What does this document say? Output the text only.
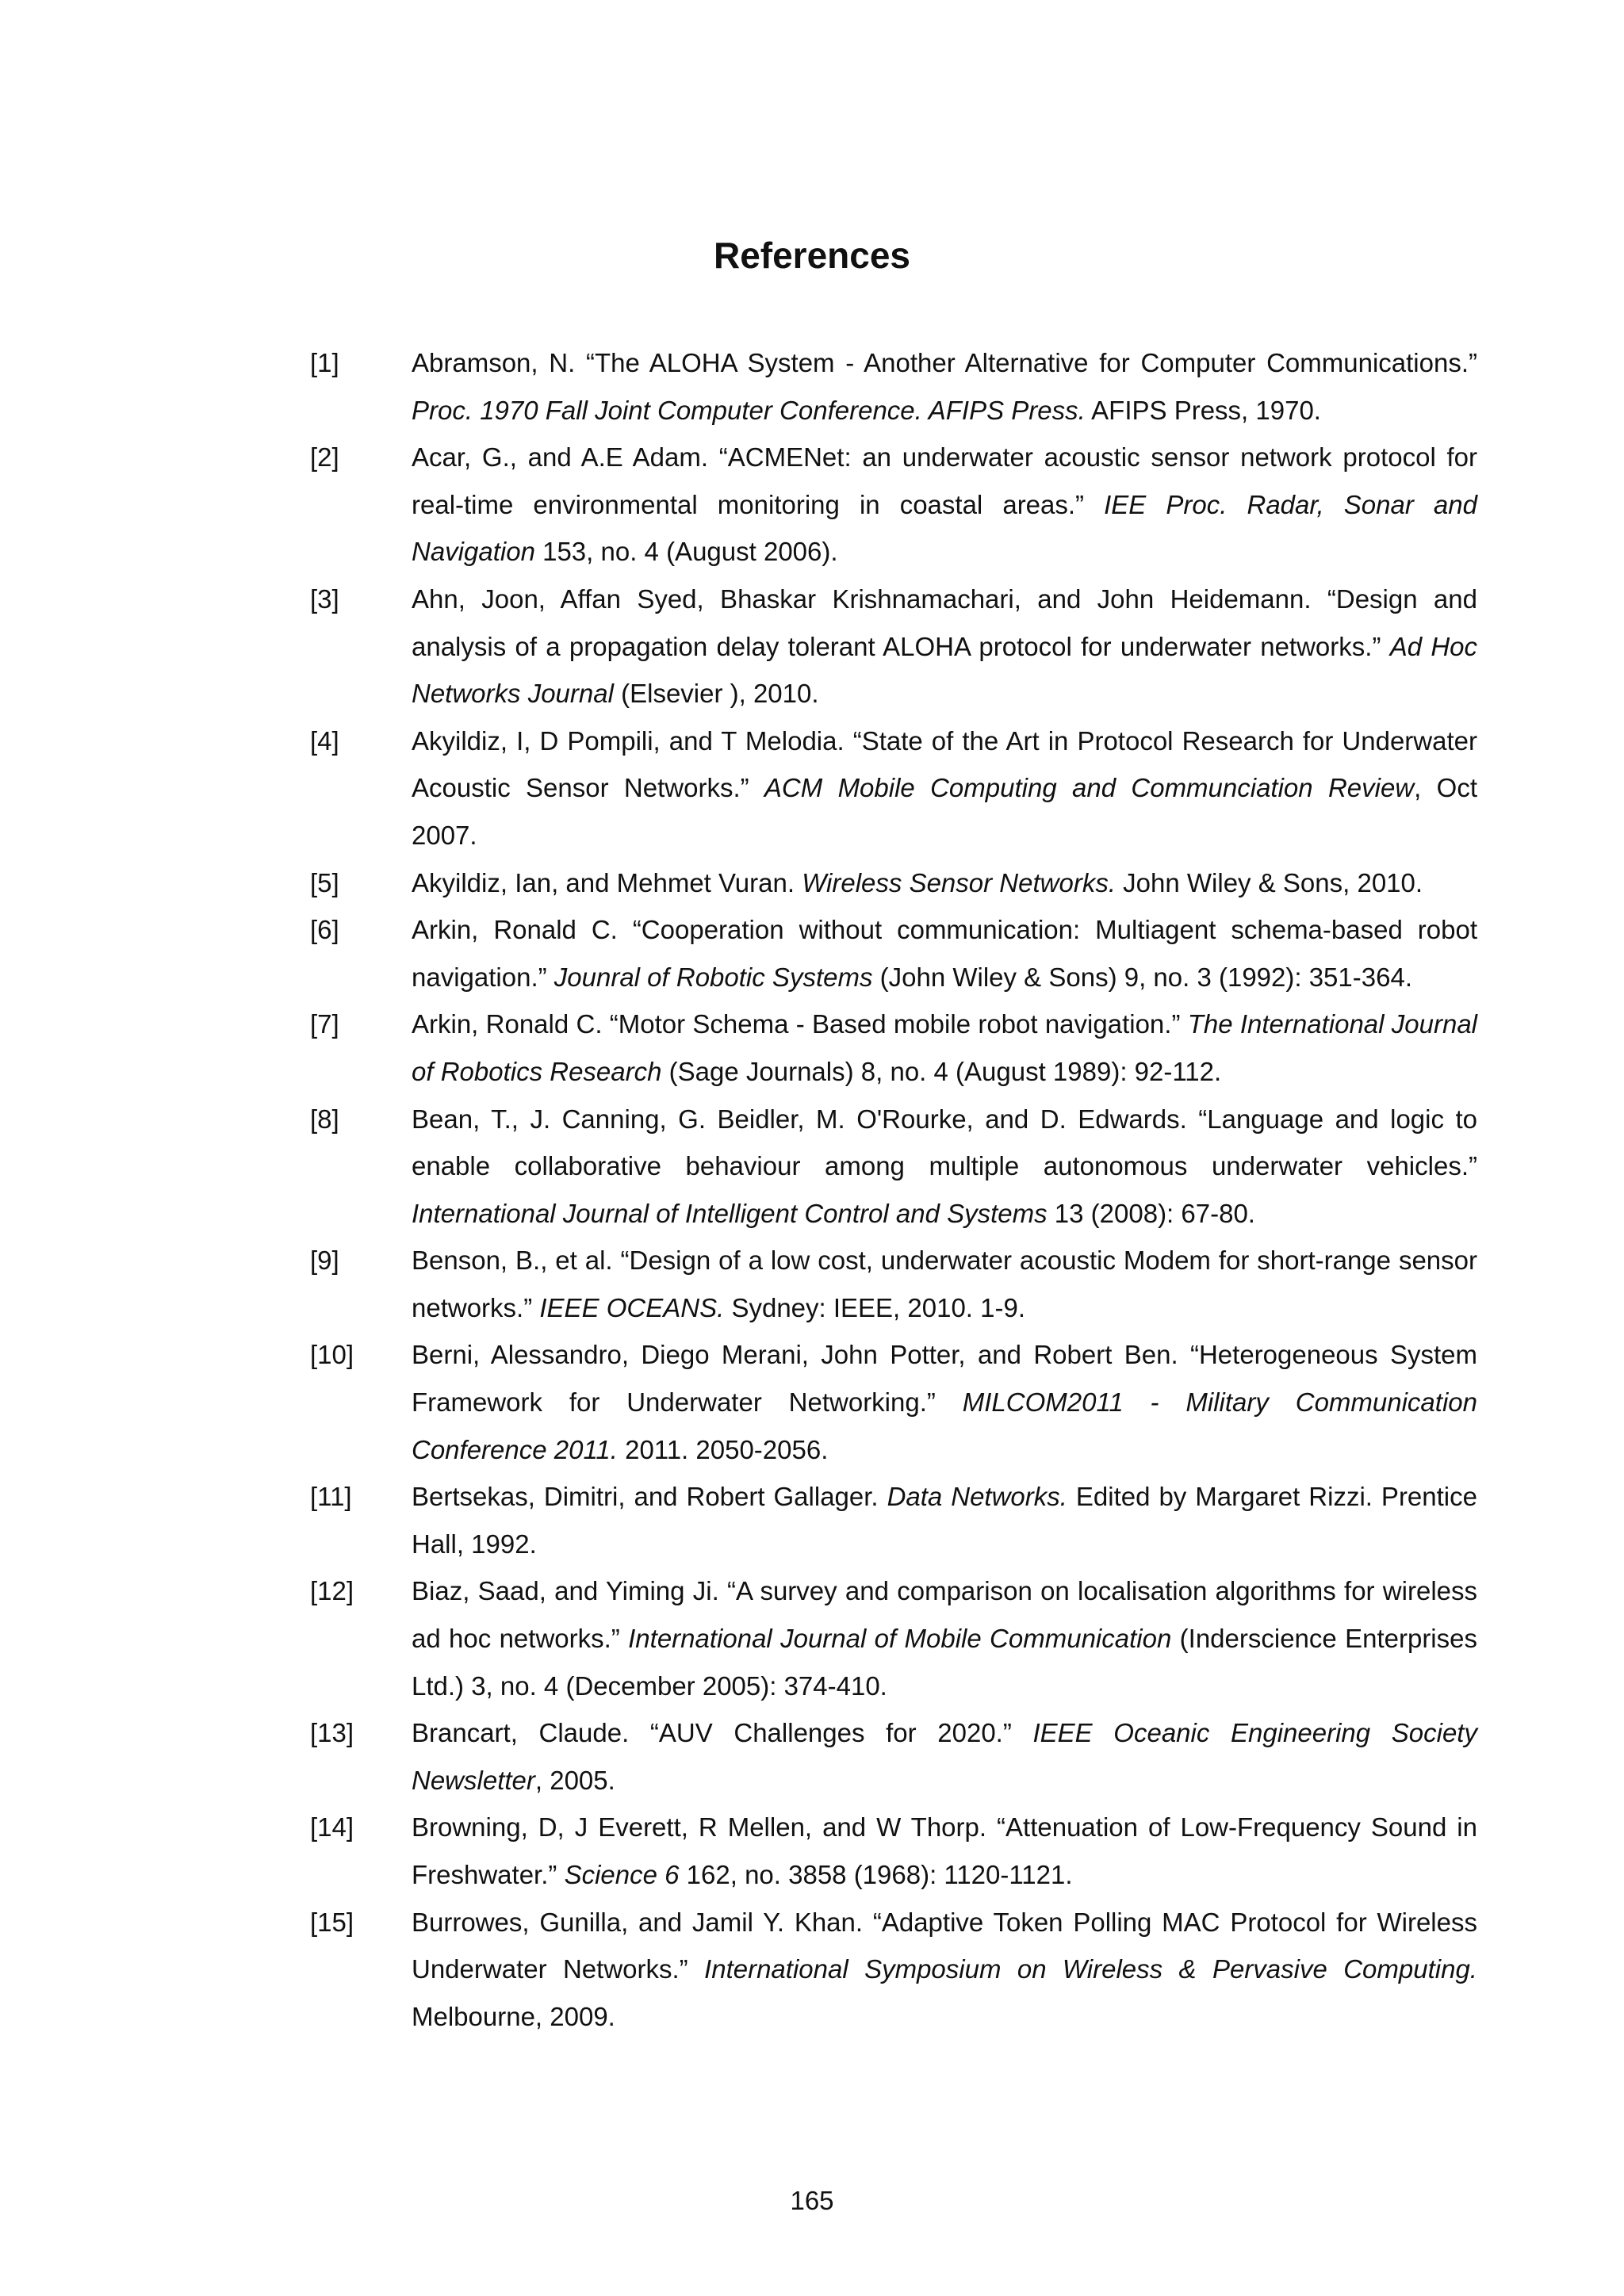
References
[1]	Abramson, N. “The ALOHA System - Another Alternative for Computer Communications.” Proc. 1970 Fall Joint Computer Conference. AFIPS Press. AFIPS Press, 1970.
[2]	Acar, G., and A.E Adam. “ACMENet: an underwater acoustic sensor network protocol for real-time environmental monitoring in coastal areas.” IEE Proc. Radar, Sonar and Navigation 153, no. 4 (August 2006).
[3]	Ahn, Joon, Affan Syed, Bhaskar Krishnamachari, and John Heidemann. “Design and analysis of a propagation delay tolerant ALOHA protocol for underwater networks.” Ad Hoc Networks Journal (Elsevier ), 2010.
[4]	Akyildiz, I, D Pompili, and T Melodia. “State of the Art in Protocol Research for Underwater Acoustic Sensor Networks.” ACM Mobile Computing and Communciation Review, Oct 2007.
[5]	Akyildiz, Ian, and Mehmet Vuran. Wireless Sensor Networks. John Wiley & Sons, 2010.
[6]	Arkin, Ronald C. “Cooperation without communication: Multiagent schema-based robot navigation.” Jounral of Robotic Systems (John Wiley & Sons) 9, no. 3 (1992): 351-364.
[7]	Arkin, Ronald C. “Motor Schema - Based mobile robot navigation.” The International Journal of Robotics Research (Sage Journals) 8, no. 4 (August 1989): 92-112.
[8]	Bean, T., J. Canning, G. Beidler, M. O'Rourke, and D. Edwards. “Language and logic to enable collaborative behaviour among multiple autonomous underwater vehicles.” International Journal of Intelligent Control and Systems 13 (2008): 67-80.
[9]	Benson, B., et al. “Design of a low cost, underwater acoustic Modem for short-range sensor networks.” IEEE OCEANS. Sydney: IEEE, 2010. 1-9.
[10]	Berni, Alessandro, Diego Merani, John Potter, and Robert Ben. “Heterogeneous System Framework for Underwater Networking.” MILCOM2011 - Military Communication Conference 2011. 2011. 2050-2056.
[11]	Bertsekas, Dimitri, and Robert Gallager. Data Networks. Edited by Margaret Rizzi. Prentice Hall, 1992.
[12]	Biaz, Saad, and Yiming Ji. “A survey and comparison on localisation algorithms for wireless ad hoc networks.” International Journal of Mobile Communication (Inderscience Enterprises Ltd.) 3, no. 4 (December 2005): 374-410.
[13]	Brancart, Claude. “AUV Challenges for 2020.” IEEE Oceanic Engineering Society Newsletter, 2005.
[14]	Browning, D, J Everett, R Mellen, and W Thorp. “Attenuation of Low-Frequency Sound in Freshwater.” Science 6 162, no. 3858 (1968): 1120-1121.
[15]	Burrowes, Gunilla, and Jamil Y. Khan. “Adaptive Token Polling MAC Protocol for Wireless Underwater Networks.” International Symposium on Wireless & Pervasive Computing. Melbourne, 2009.
165
